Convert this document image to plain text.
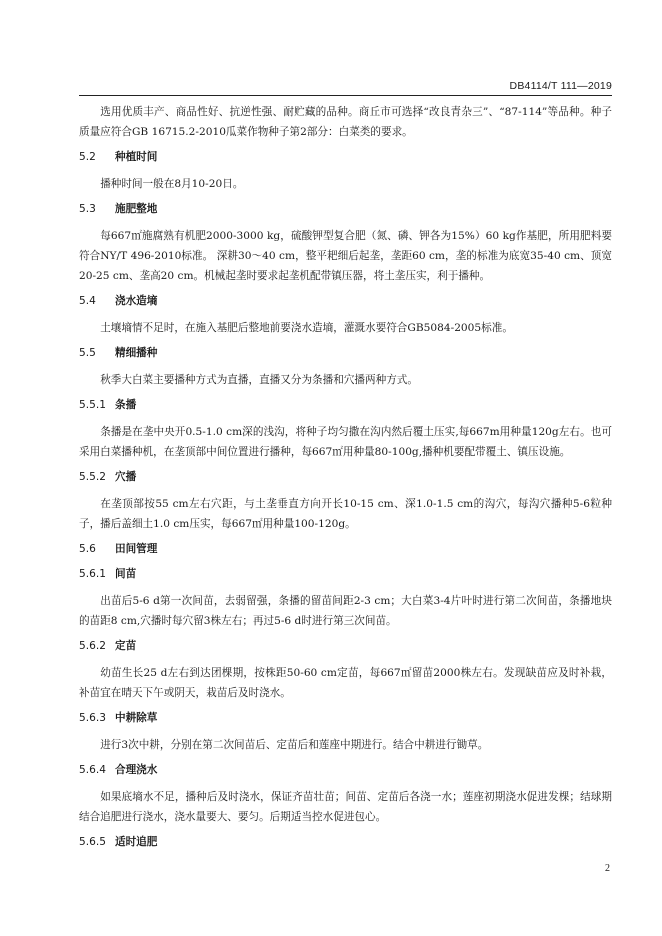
DB4114/T 111—2019

选用优质丰产、商品性好、抗逆性强、耐贮藏的品种。商丘市可选择“改良青杂三”、“87-114”等品种。种子质量应符合GB 16715.2-2010瓜菜作物种子第2部分：白菜类的要求。

5.2 种植时间

播种时间一般在8月10-20日。

5.3 施肥整地

每667㎡施腐熟有机肥2000-3000 kg，硫酸钾型复合肥（氮、磷、钾各为15%）60 kg作基肥，所用肥料要符合NY/T 496-2010标准。 深耕30～40 cm，整平耙细后起垄，垄距60 cm，垄的标准为底宽35-40 cm、顶宽20-25 cm、垄高20 cm。机械起垄时要求起垄机配带镇压器，将土垄压实，利于播种。

5.4 浇水造墒

土壤墒情不足时，在施入基肥后整地前要浇水造墒，灌溉水要符合GB5084-2005标准。

5.5 精细播种

秋季大白菜主要播种方式为直播，直播又分为条播和穴播两种方式。

5.5.1 条播

条播是在垄中央开0.5-1.0 cm深的浅沟，将种子均匀撒在沟内然后覆土压实,每667m用种量120g左右。也可采用白菜播种机，在垄顶部中间位置进行播种，每667㎡用种量80-100g,播种机要配带覆土、镇压设施。

5.5.2 穴播

在垄顶部按55 cm左右穴距，与土垄垂直方向开长10-15 cm、深1.0-1.5 cm的沟穴，每沟穴播种5-6粒种子，播后盖细土1.0 cm压实，每667㎡用种量100-120g。

5.6 田间管理
5.6.1 间苗

出苗后5-6 d第一次间苗，去弱留强，条播的留苗间距2-3 cm；大白菜3-4片叶时进行第二次间苗，条播地块的苗距8 cm,穴播时每穴留3株左右；再过5-6 d时进行第三次间苗。

5.6.2 定苗

幼苗生长25 d左右到达团棵期，按株距50-60 cm定苗，每667㎡留苗2000株左右。发现缺苗应及时补栽，补苗宜在晴天下午或阴天，栽苗后及时浇水。

5.6.3 中耕除草

进行3次中耕，分别在第二次间苗后、定苗后和莲座中期进行。结合中耕进行锄草。

5.6.4 合理浇水

如果底墒水不足，播种后及时浇水，保证齐苗壮苗；间苗、定苗后各浇一水；莲座初期浇水促进发棵；结球期结合追肥进行浇水，浇水量要大、要匀。后期适当控水促进包心。

5.6.5 适时追肥
2
